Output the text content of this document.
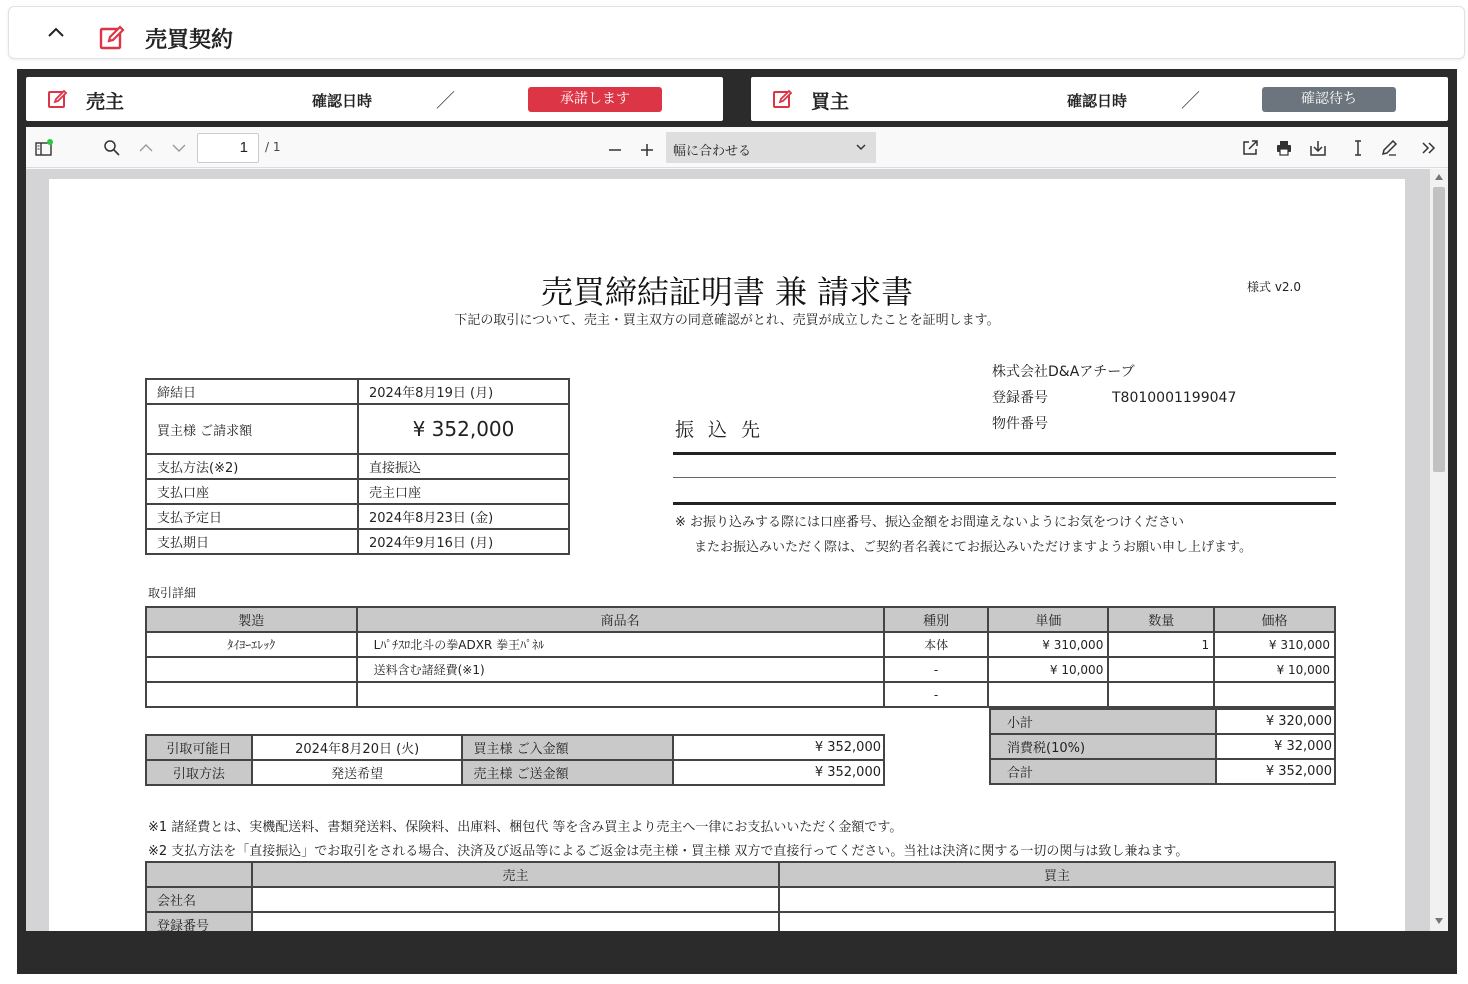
売買契約
売主	確認日時	／	承諾します	買主	確認日時	／	確認待ち
1	/ 1	幅に合わせる
売買締結証明書 兼 請求書	様式 v2.0
下記の取引について、売主・買主双方の同意確認がとれ、売買が成立したことを証明します。
株式会社D&Aアチーブ
登録番号	T8010001199047
物件番号
締結日	2024年8月19日 (月)
買主様 ご請求額	¥ 352,000
支払方法(※2)	直接振込
支払口座	売主口座
支払予定日	2024年8月23日 (金)
支払期日	2024年9月16日 (月)
振込先
※ お振り込みする際には口座番号、振込金額をお間違えないようにお気をつけください
またお振込みいただく際は、ご契約者名義にてお振込みいただけますようお願い申し上げます。
取引詳細
製造	商品名	種別	単価	数量	価格
ﾀｲﾖｰｴﾚｯｸ	Lﾊﾟﾁｽﾛ北斗の拳ADXR 拳王ﾊﾟﾈﾙ	本体	¥ 310,000	1	¥ 310,000
	送料含む諸経費(※1)	-	¥ 10,000		¥ 10,000
		-			
引取可能日	2024年8月20日 (火)	買主様 ご入金額	¥ 352,000
引取方法	発送希望	売主様 ご送金額	¥ 352,000
小計	¥ 320,000
消費税(10%)	¥ 32,000
合計	¥ 352,000
※1 諸経費とは、実機配送料、書類発送料、保険料、出庫料、梱包代 等を含み買主より売主へ一律にお支払いいただく金額です。
※2 支払方法を「直接振込」でお取引をされる場合、決済及び返品等によるご返金は売主様・買主様 双方で直接行ってください。当社は決済に関する一切の関与は致し兼ねます。
	売主	買主
会社名		
登録番号		
